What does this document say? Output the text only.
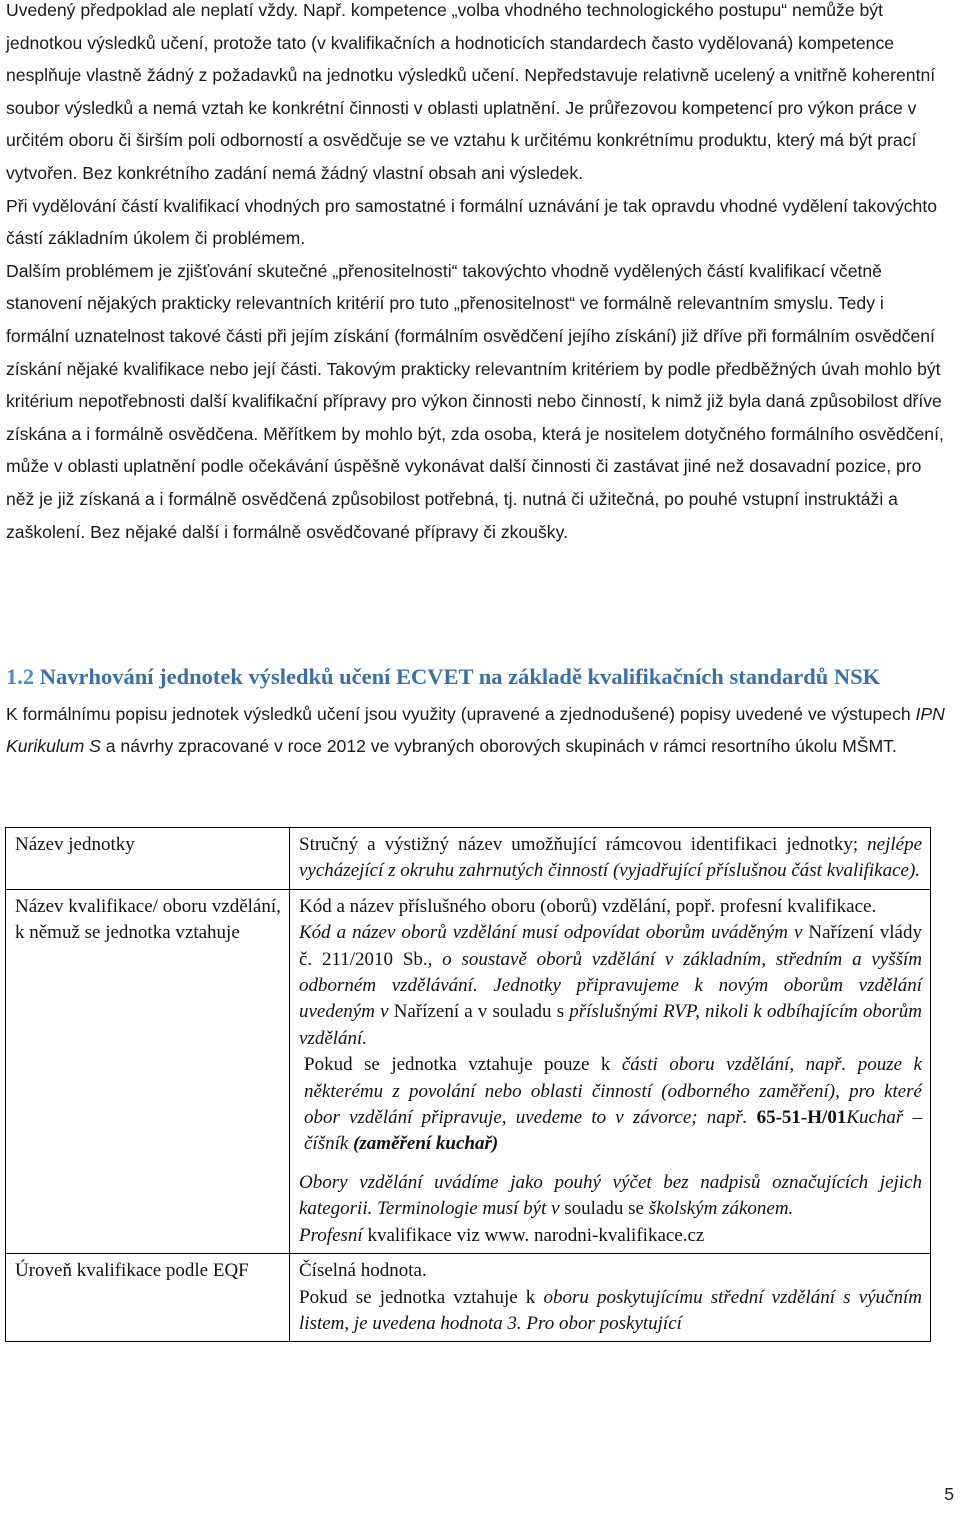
Uvedený předpoklad ale neplatí vždy. Např. kompetence „volba vhodného technologického postupu“ nemůže být jednotkou výsledků učení, protože tato (v kvalifikačních a hodnoticích standardech často vydělovaná) kompetence nesplňuje vlastně žádný z požadavků na jednotku výsledků učení. Nepředstavuje relativně ucelený a vnitřně koherentní soubor výsledků a nemá vztah ke konkrétní činnosti v oblasti uplatnění. Je průřezovou kompetencí pro výkon práce v určitém oboru či širším poli odborností a osvědčuje se ve vztahu k určitému konkrétnímu produktu, který má být prací vytvořen. Bez konkrétního zadání nemá žádný vlastní obsah ani výsledek.

Při vydělování částí kvalifikací vhodných pro samostatné i formální uznávání je tak opravdu vhodné vydělení takovýchto částí základním úkolem či problémem.

Dalším problémem je zjišťování skutečné „přenositelnosti“ takovýchto vhodně vydělených částí kvalifikací včetně stanovení nějakých prakticky relevantních kritérií pro tuto „přenositelnost“ ve formálně relevantním smyslu. Tedy i formální uznatelnost takové části při jejím získání (formálním osvědčení jejího získání) již dříve při formálním osvědčení získání nějaké kvalifikace nebo její části. Takovým prakticky relevantním kritériem by podle předběžných úvah mohlo být kritérium nepotřebnosti další kvalifikační přípravy pro výkon činnosti nebo činností, k nimž již byla daná způsobilost dříve získána a i formálně osvědčena. Měřítkem by mohlo být, zda osoba, která je nositelem dotyčného formálního osvědčení, může v oblasti uplatnění podle očekávání úspěšně vykonávat další činnosti či zastávat jiné než dosavadní pozice, pro něž je již získaná a i formálně osvědčená způsobilost potřebná, tj. nutná či užitečná, po pouhé vstupní instruktáži a zaškolení. Bez nějaké další i formálně osvědčované přípravy či zkoušky.

1.2 Navrhování jednotek výsledků učení ECVET na základě kvalifikačních standardů NSK

K formálnímu popisu jednotek výsledků učení jsou využity (upravené a zjednodušené) popisy uvedené ve výstupech IPN Kurikulum S a návrhy zpracované v roce 2012 ve vybraných oborových skupinách v rámci resortního úkolu MŠMT.

Název jednotky	Stručný a výstižný název umožňující rámcovou identifikaci jednotky; nejlépe vycházející z okruhu zahrnutých činností (vyjadřující příslušnou část kvalifikace).

Název kvalifikace/ oboru vzdělání, k němuž se jednotka vztahuje	Kód a název příslušného oboru (oborů) vzdělání, popř. profesní kvalifikace.

Kód a název oborů vzdělání musí odpovídat oborům uváděným v Nařízení vlády č. 211/2010 Sb., o soustavě oborů vzdělání v základním, středním a vyšším odborném vzdělávání. Jednotky připravujeme k novým oborům vzdělání uvedeným v Nařízení a v souladu s příslušnými RVP, nikoli k odbíhajícím oborům vzdělání.

Pokud se jednotka vztahuje pouze k části oboru vzdělání, např. pouze k některému z povolání nebo oblasti činností (odborného zaměření), pro které obor vzdělání připravuje, uvedeme to v závorce; např. 65-51-H/01Kuchař – číšník (zaměření kuchař)

Obory vzdělání uvádíme jako pouhý výčet bez nadpisů označujících jejich kategorii. Terminologie musí být v souladu se školským zákonem.

Profesní kvalifikace viz www. narodni-kvalifikace.cz

Úroveň kvalifikace podle EQF	Číselná hodnota.

Pokud se jednotka vztahuje k oboru poskytujícímu střední vzdělání s výučním listem, je uvedena hodnota 3. Pro obor poskytující

5
